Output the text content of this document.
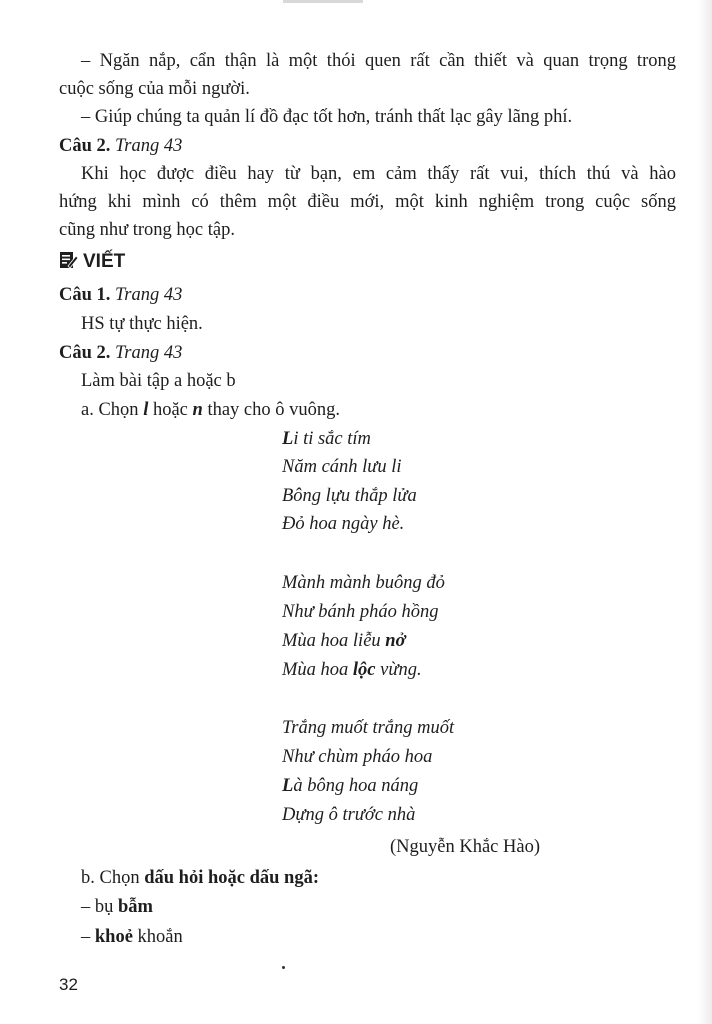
– Ngăn nắp, cẩn thận là một thói quen rất cần thiết và quan trọng trong
cuộc sống của mỗi người.
– Giúp chúng ta quản lí đồ đạc tốt hơn, tránh thất lạc gây lãng phí.
Câu 2. Trang 43
Khi học được điều hay từ bạn, em cảm thấy rất vui, thích thú và hào
hứng khi mình có thêm một điều mới, một kinh nghiệm trong cuộc sống
cũng như trong học tập.
VIẾT
Câu 1. Trang 43
HS tự thực hiện.
Câu 2. Trang 43
Làm bài tập a hoặc b
a. Chọn l hoặc n thay cho ô vuông.
Li ti sắc tím
Năm cánh lưu li
Bông lựu thắp lửa
Đỏ hoa ngày hè.
Mành mành buông đỏ
Như bánh pháo hồng
Mùa hoa liễu nở
Mùa hoa lộc vừng.
Trắng muốt trắng muốt
Như chùm pháo hoa
Là bông hoa náng
Dựng ô trước nhà
(Nguyễn Khắc Hào)
b. Chọn dấu hỏi hoặc dấu ngã:
– bụ bẫm
– khoẻ khoắn
32
